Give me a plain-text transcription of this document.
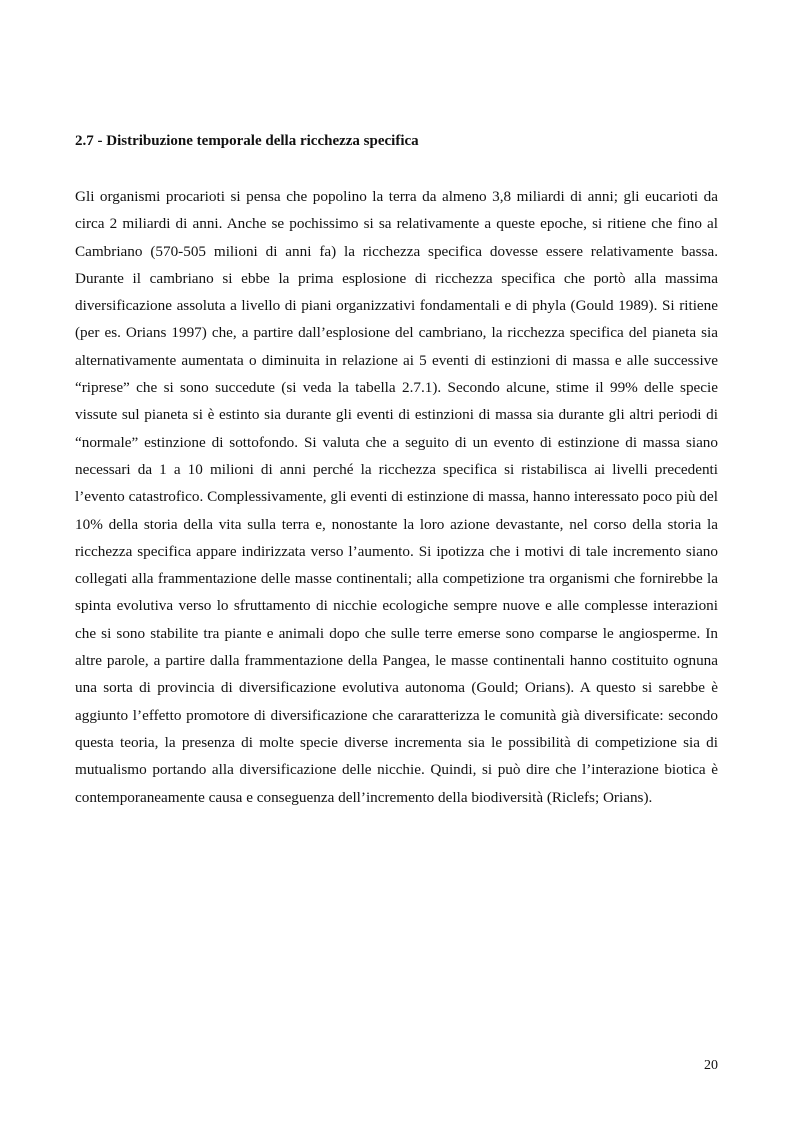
2.7 - Distribuzione temporale della ricchezza specifica

Gli organismi procarioti si pensa che popolino la terra da almeno 3,8 miliardi di anni; gli eucarioti da circa 2 miliardi di anni. Anche se pochissimo si sa relativamente a queste epoche, si ritiene che fino al Cambriano (570-505 milioni di anni fa) la ricchezza specifica dovesse essere relativamente bassa. Durante il cambriano si ebbe la prima esplosione di ricchezza specifica che portò alla massima diversificazione assoluta a livello di piani organizzativi fondamentali e di phyla (Gould 1989). Si ritiene (per es. Orians 1997) che, a partire dall’esplosione del cambriano, la ricchezza specifica del pianeta sia alternativamente aumentata o diminuita in relazione ai 5 eventi di estinzioni di massa e alle successive “riprese” che si sono succedute (si veda la tabella 2.7.1). Secondo alcune, stime il 99% delle specie vissute sul pianeta si è estinto sia durante gli eventi di estinzioni di massa sia durante gli altri periodi di “normale” estinzione di sottofondo. Si valuta che a seguito di un evento di estinzione di massa siano necessari da 1 a 10 milioni di anni perché la ricchezza specifica si ristabilisca ai livelli precedenti l’evento catastrofico. Complessivamente, gli eventi di estinzione di massa, hanno interessato poco più del 10% della storia della vita sulla terra e, nonostante la loro azione devastante, nel corso della storia la ricchezza specifica appare indirizzata verso l’aumento. Si ipotizza che i motivi di tale incremento siano collegati alla frammentazione delle masse continentali; alla competizione tra organismi che fornirebbe la spinta evolutiva verso lo sfruttamento di nicchie ecologiche sempre nuove e alle complesse interazioni che si sono stabilite tra piante e animali dopo che sulle terre emerse sono comparse le angiosperme. In altre parole, a partire dalla frammentazione della Pangea, le masse continentali hanno costituito ognuna una sorta di provincia di diversificazione evolutiva autonoma (Gould; Orians). A questo si sarebbe è aggiunto l’effetto promotore di diversificazione che cararatterizza le comunità già diversificate: secondo questa teoria, la presenza di molte specie diverse incrementa sia le possibilità di competizione sia di mutualismo portando alla diversificazione delle nicchie. Quindi, si può dire che l’interazione biotica è contemporaneamente causa e conseguenza dell’incremento della biodiversità (Riclefs; Orians).

20
